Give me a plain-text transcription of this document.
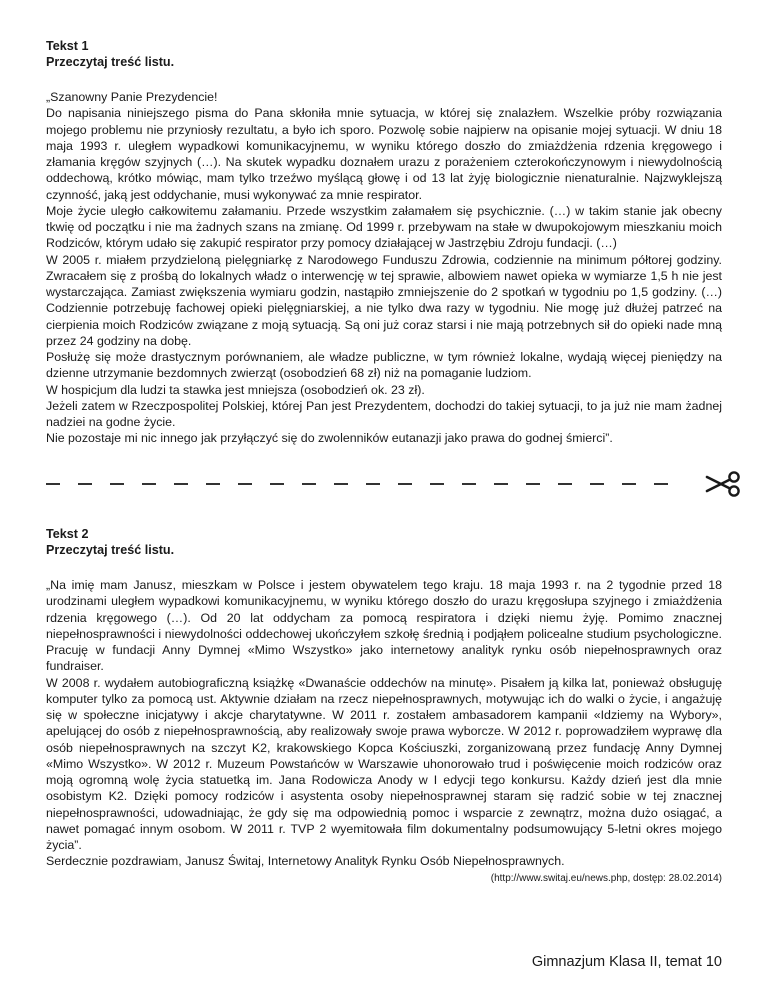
Tekst 1

Przeczytaj treść listu.

„Szanowny Panie Prezydencie!

Do napisania niniejszego pisma do Pana skłoniła mnie sytuacja, w której się znalazłem. Wszelkie próby rozwiązania mojego problemu nie przyniosły rezultatu, a było ich sporo. Pozwolę sobie najpierw na opisanie mojej sytuacji. W dniu 18 maja 1993 r. uległem wypadkowi komunikacyjnemu, w wyniku którego doszło do zmiażdżenia rdzenia kręgowego i złamania kręgów szyjnych (…). Na skutek wypadku doznałem urazu z porażeniem czterokończynowym i niewydolnością oddechową, krótko mówiąc, mam tylko trzeźwo myślącą głowę i od 13 lat żyję biologicznie nienaturalnie. Najzwyklejszą czynność, jaką jest oddychanie, musi wykonywać za mnie respirator.

Moje życie uległo całkowitemu załamaniu. Przede wszystkim załamałem się psychicznie. (…) w takim stanie jak obecny tkwię od początku i nie ma żadnych szans na zmianę. Od 1999 r. przebywam na stałe w dwupokojowym mieszkaniu moich Rodziców, którym udało się zakupić respirator przy pomocy działającej w Jastrzębiu Zdroju fundacji. (…)

W 2005 r. miałem przydzieloną pielęgniarkę z Narodowego Funduszu Zdrowia, codziennie na minimum półtorej godziny. Zwracałem się z prośbą do lokalnych władz o interwencję w tej sprawie, albowiem nawet opieka w wymiarze 1,5 h nie jest wystarczająca. Zamiast zwiększenia wymiaru godzin, nastąpiło zmniejszenie do 2 spotkań w tygodniu po 1,5 godziny. (…) Codziennie potrzebuję fachowej opieki pielęgniarskiej, a nie tylko dwa razy w tygodniu. Nie mogę już dłużej patrzeć na cierpienia moich Rodziców związane z moją sytuacją. Są oni już coraz starsi i nie mają potrzebnych sił do opieki nade mną przez 24 godziny na dobę.

Posłużę się może drastycznym porównaniem, ale władze publiczne, w tym również lokalne, wydają więcej pieniędzy na dzienne utrzymanie bezdomnych zwierząt (osobodzień 68 zł) niż na pomaganie ludziom.

W hospicjum dla ludzi ta stawka jest mniejsza (osobodzień ok. 23 zł).

Jeżeli zatem w Rzeczpospolitej Polskiej, której Pan jest Prezydentem, dochodzi do takiej sytuacji, to ja już nie mam żadnej nadziei na godne życie.

Nie pozostaje mi nic innego jak przyłączyć się do zwolenników eutanazji jako prawa do godnej śmierci”.

Tekst 2

Przeczytaj treść listu.

„Na imię mam Janusz, mieszkam w Polsce i jestem obywatelem tego kraju. 18 maja 1993 r. na 2 tygodnie przed 18 urodzinami uległem wypadkowi komunikacyjnemu, w wyniku którego doszło do urazu kręgosłupa szyjnego i zmiażdżenia rdzenia kręgowego (…). Od 20 lat oddycham za pomocą respiratora i dzięki niemu żyję. Pomimo znacznej niepełnosprawności i niewydolności oddechowej ukończyłem szkołę średnią i podjąłem policealne studium psychologiczne. Pracuję w fundacji Anny Dymnej «Mimo Wszystko» jako internetowy analityk rynku osób niepełnosprawnych oraz fundraiser.

W 2008 r. wydałem autobiograficzną książkę «Dwanaście oddechów na minutę». Pisałem ją kilka lat, ponieważ obsługuję komputer tylko za pomocą ust. Aktywnie działam na rzecz niepełnosprawnych, motywując ich do walki o życie, i angażuję się w społeczne inicjatywy i akcje charytatywne. W 2011 r. zostałem ambasadorem kampanii «Idziemy na Wybory», apelującej do osób z niepełnosprawnością, aby realizowały swoje prawa wyborcze. W 2012 r. poprowadziłem wyprawę dla osób niepełnosprawnych na szczyt K2, krakowskiego Kopca Kościuszki, zorganizowaną przez fundację Anny Dymnej «Mimo Wszystko». W 2012 r. Muzeum Powstańców w Warszawie uhonorowało trud i poświęcenie moich rodziców oraz moją ogromną wolę życia statuetką im. Jana Rodowicza Anody w I edycji tego konkursu. Każdy dzień jest dla mnie osobistym K2. Dzięki pomocy rodziców i asystenta osoby niepełnosprawnej staram się radzić sobie w tej znacznej niepełnosprawności, udowadniając, że gdy się ma odpowiednią pomoc i wsparcie z zewnątrz, można dużo osiągać, a nawet pomagać innym osobom. W 2011 r. TVP 2 wyemitowała film dokumentalny podsumowujący 5-letni okres mojego życia”.

Serdecznie pozdrawiam, Janusz Świtaj, Internetowy Analityk Rynku Osób Niepełnosprawnych.

(http://www.switaj.eu/news.php, dostęp: 28.02.2014)

Gimnazjum Klasa II, temat 10
